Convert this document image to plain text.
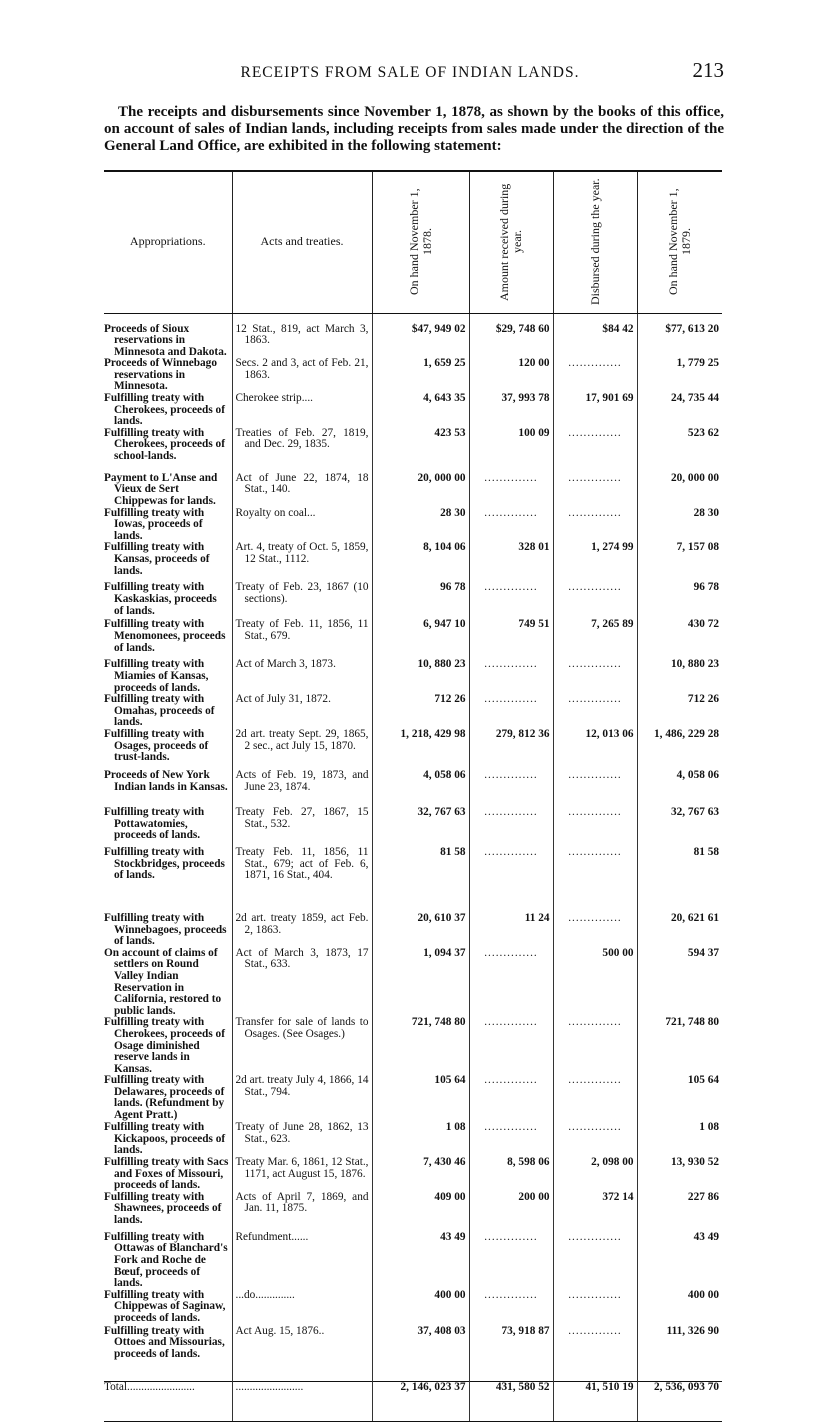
RECEIPTS FROM SALE OF INDIAN LANDS.	213
The receipts and disbursements since November 1, 1878, as shown by the books of this office, on account of sales of Indian lands, including receipts from sales made under the direction of the General Land Office, are exhibited in the following statement:
Appropriations.	Acts and treaties.	On hand November 1, 1878.	Amount received during year.	Disbursed during the year.	On hand November 1, 1879.

Proceeds of Sioux reservations in Minnesota and Dakota.	12 Stat., 819, act March 3, 1863.	$47, 949 02	$29, 748 60	$84 42	$77, 613 20

Proceeds of Winnebago reservations in Minnesota.	Secs. 2 and 3, act of Feb. 21, 1863.	1, 659 25	120 00	..............	1, 779 25

Fulfilling treaty with Cherokees, proceeds of lands.	Cherokee strip....	4, 643 35	37, 993 78	17, 901 69	24, 735 44

Fulfilling treaty with Cherokees, proceeds of school-lands.	Treaties of Feb. 27, 1819, and Dec. 29, 1835.	423 53	100 09	..............	523 62

Payment to L'Anse and Vieux de Sert Chippewas for lands.	Act of June 22, 1874, 18 Stat., 140.	20, 000 00	..............	..............	20, 000 00

Fulfilling treaty with Iowas, proceeds of lands.	Royalty on coal...	28 30	..............	..............	28 30

Fulfilling treaty with Kansas, proceeds of lands.	Art. 4, treaty of Oct. 5, 1859, 12 Stat., 1112.	8, 104 06	328 01	1, 274 99	7, 157 08

Fulfilling treaty with Kaskaskias, proceeds of lands.	Treaty of Feb. 23, 1867 (10 sections).	96 78	..............	..............	96 78

Fulfilling treaty with Menomonees, proceeds of lands.	Treaty of Feb. 11, 1856, 11 Stat., 679.	6, 947 10	749 51	7, 265 89	430 72

Fulfilling treaty with Miamies of Kansas, proceeds of lands.	Act of March 3, 1873.	10, 880 23	..............	..............	10, 880 23

Fulfilling treaty with Omahas, proceeds of lands.	Act of July 31, 1872.	712 26	..............	..............	712 26

Fulfilling treaty with Osages, proceeds of trust-lands.	2d art. treaty Sept. 29, 1865, 2 sec., act July 15, 1870.	1, 218, 429 98	279, 812 36	12, 013 06	1, 486, 229 28

Proceeds of New York Indian lands in Kansas.	Acts of Feb. 19, 1873, and June 23, 1874.	4, 058 06	..............	..............	4, 058 06

Fulfilling treaty with Pottawatomies, proceeds of lands.	Treaty Feb. 27, 1867, 15 Stat., 532.	32, 767 63	..............	..............	32, 767 63

Fulfilling treaty with Stockbridges, proceeds of lands.	Treaty Feb. 11, 1856, 11 Stat., 679; act of Feb. 6, 1871, 16 Stat., 404.	81 58	..............	..............	81 58

Fulfilling treaty with Winnebagoes, proceeds of lands.	2d art. treaty 1859, act Feb. 2, 1863.	20, 610 37	11 24	..............	20, 621 61

On account of claims of settlers on Round Valley Indian Reservation in California, restored to public lands.	Act of March 3, 1873, 17 Stat., 633.	1, 094 37	..............	500 00	594 37

Fulfilling treaty with Cherokees, proceeds of Osage diminished reserve lands in Kansas.	Transfer for sale of lands to Osages. (See Osages.)	721, 748 80	..............	..............	721, 748 80

Fulfilling treaty with Delawares, proceeds of lands. (Refundment by Agent Pratt.)	2d art. treaty July 4, 1866, 14 Stat., 794.	105 64	..............	..............	105 64

Fulfilling treaty with Kickapoos, proceeds of lands.	Treaty of June 28, 1862, 13 Stat., 623.	1 08	..............	..............	1 08

Fulfilling treaty with Sacs and Foxes of Missouri, proceeds of lands.	Treaty Mar. 6, 1861, 12 Stat., 1171, act August 15, 1876.	7, 430 46	8, 598 06	2, 098 00	13, 930 52

Fulfilling treaty with Shawnees, proceeds of lands.	Acts of April 7, 1869, and Jan. 11, 1875.	409 00	200 00	372 14	227 86

Fulfilling treaty with Ottawas of Blanchard's Fork and Roche de Bœuf, proceeds of lands.	Refundment......	43 49	..............	..............	43 49

Fulfilling treaty with Chippewas of Saginaw, proceeds of lands.	...do..............	400 00	..............	..............	400 00

Fulfilling treaty with Ottoes and Missourias, proceeds of lands.	Act Aug. 15, 1876..	37, 408 03	73, 918 87	..............	111, 326 90

Total........................	........................	2, 146, 023 37	431, 580 52	41, 510 19	2, 536, 093 70
